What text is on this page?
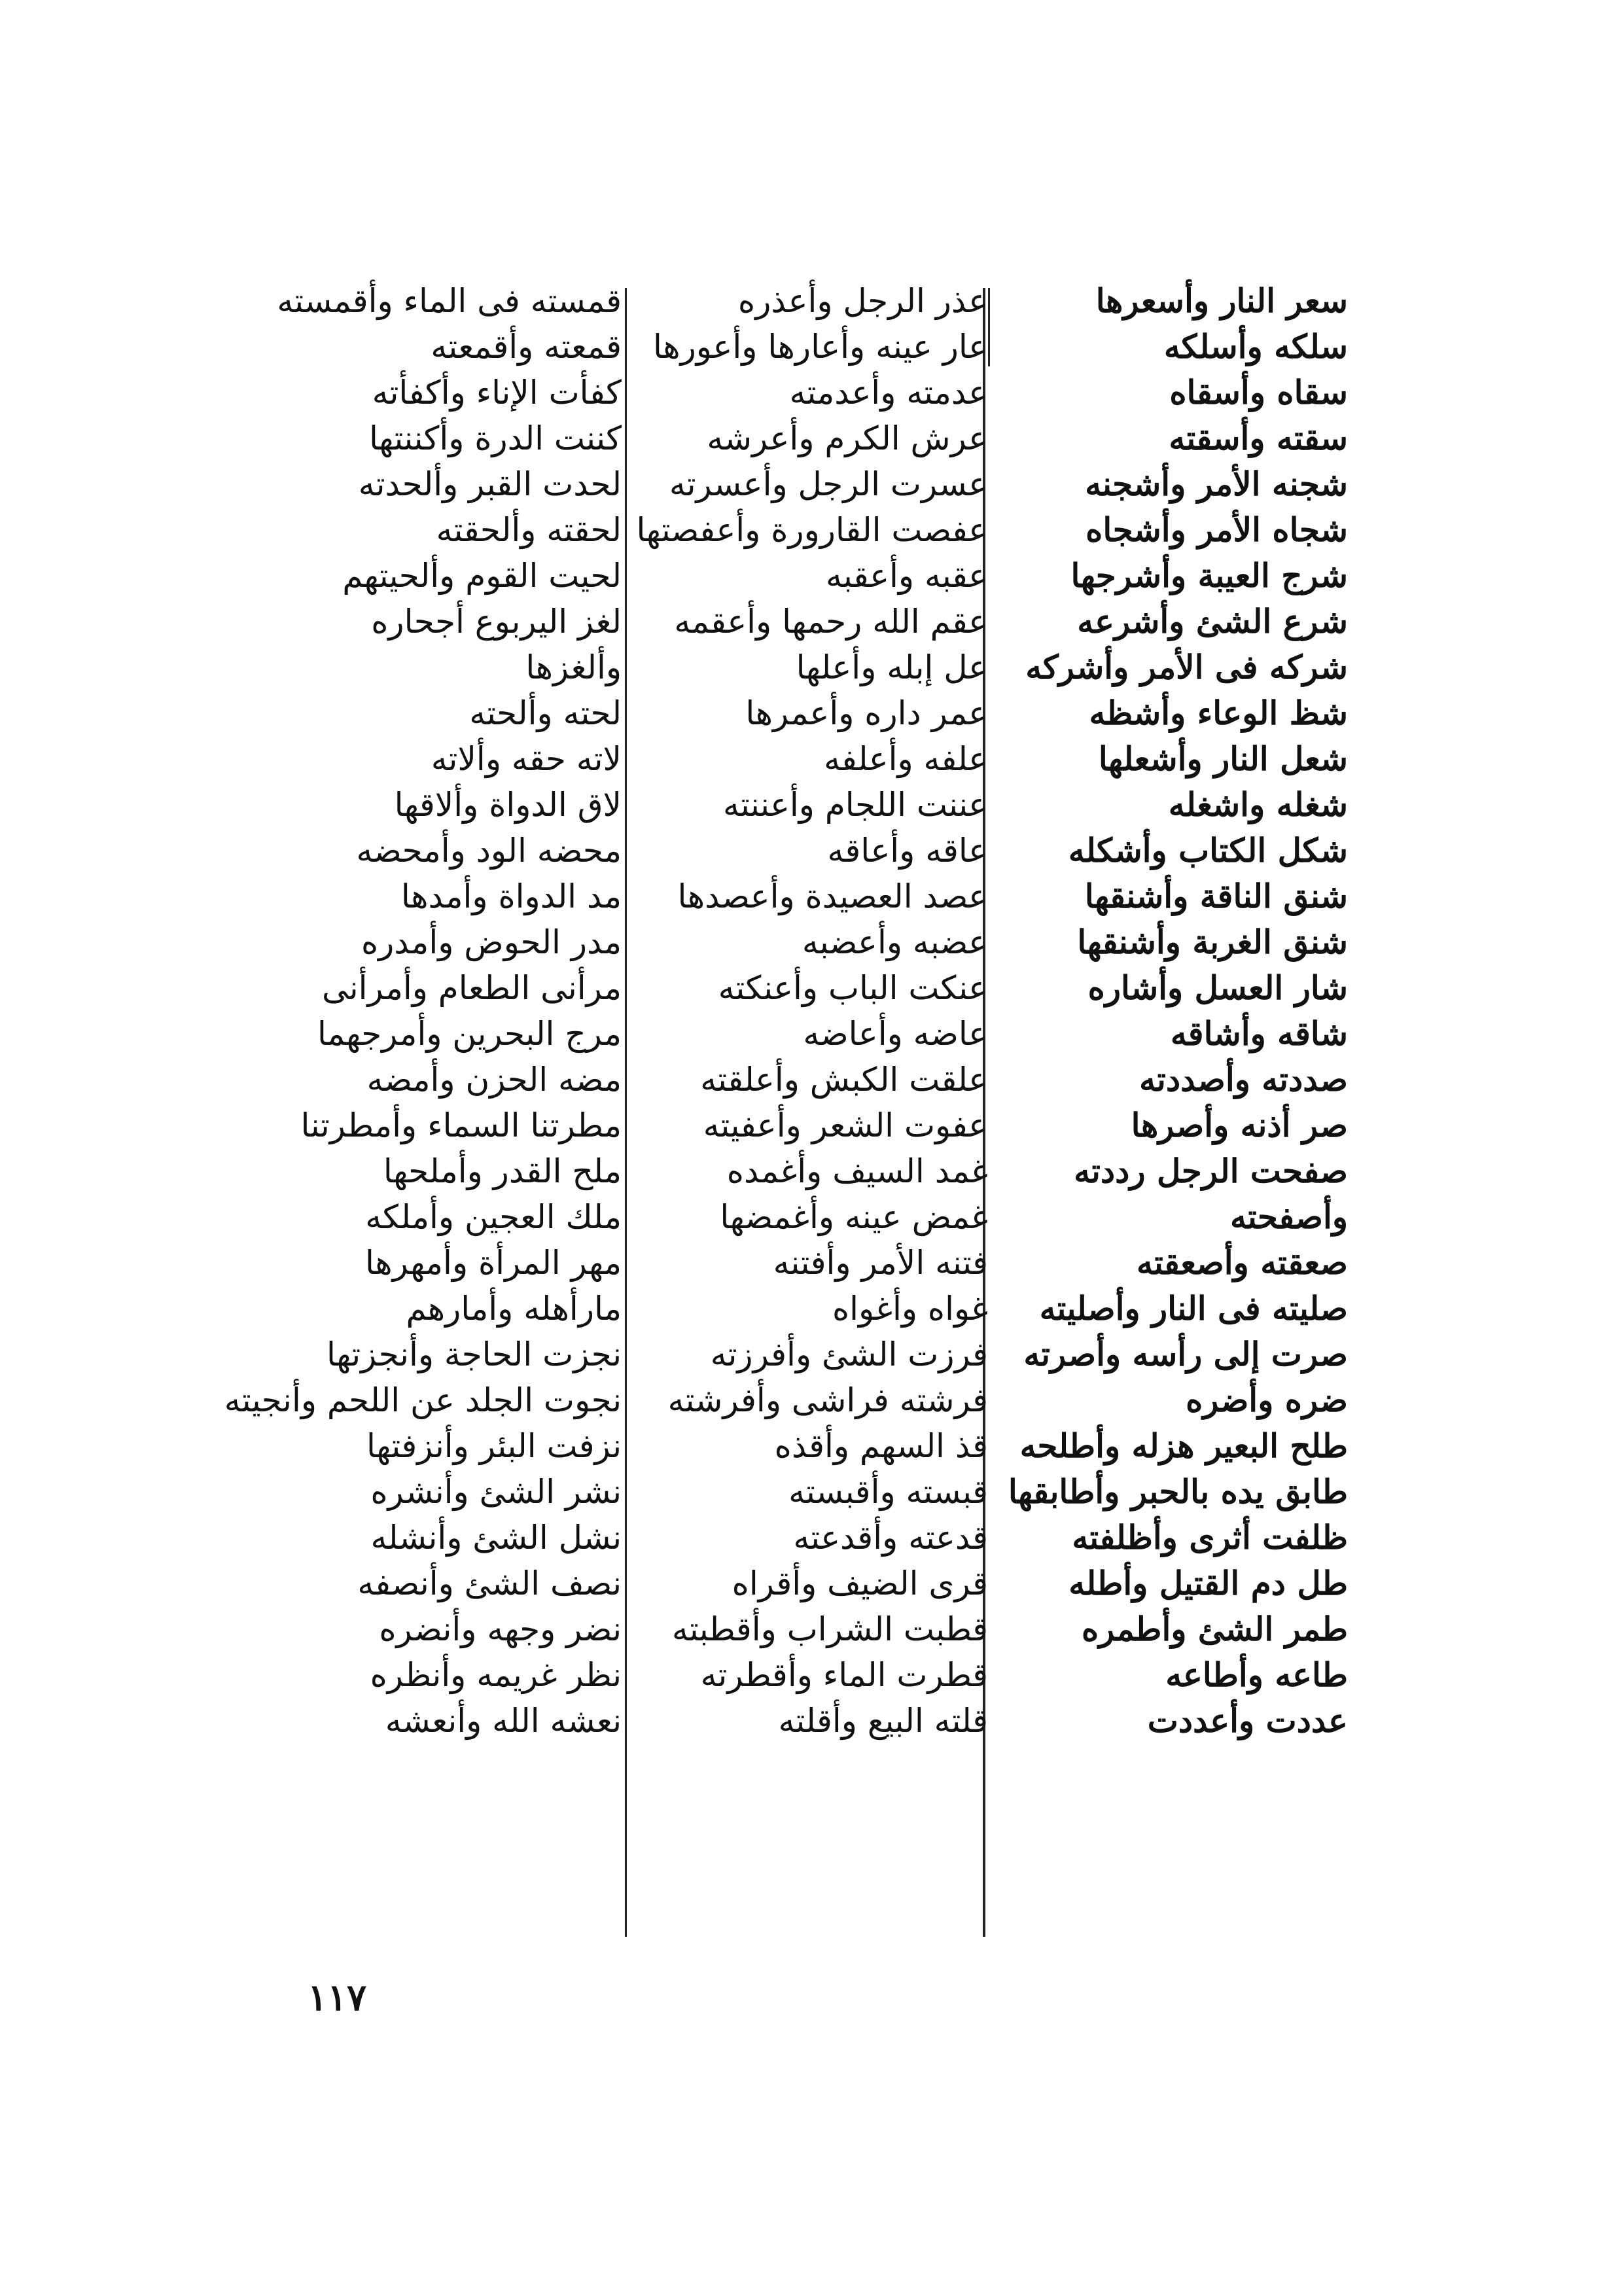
سعر النار وأسعرها
سلكه وأسلكه
سقاه وأسقاه
سقته وأسقته
شجنه الأمر وأشجنه
شجاه الأمر وأشجاه
شرج العيبة وأشرجها
شرع الشئ وأشرعه
شركه فى الأمر وأشركه
شظ الوعاء وأشظه
شعل النار وأشعلها
شغله واشغله
شكل الكتاب وأشكله
شنق الناقة وأشنقها
شنق الغربة وأشنقها
شار العسل وأشاره
شاقه وأشاقه
صددته وأصددته
صر أذنه وأصرها
صفحت الرجل رددته
وأصفحته
صعقته وأصعقته
صليته فى النار وأصليته
صرت إلى رأسه وأصرته
ضره وأضره
طلح البعير هزله وأطلحه
طابق يده بالحبر وأطابقها
ظلفت أثرى وأظلفته
طل دم القتيل وأطله
طمر الشئ وأطمره
طاعه وأطاعه
عددت وأعددت
عذر الرجل وأعذره
عار عينه وأعارها وأعورها
عدمته وأعدمته
عرش الكرم وأعرشه
عسرت الرجل وأعسرته
عفصت القارورة وأعفصتها
عقبه وأعقبه
عقم الله رحمها وأعقمه
عل إبله وأعلها
عمر داره وأعمرها
علفه وأعلفه
عننت اللجام وأعننته
عاقه وأعاقه
عصد العصيدة وأعصدها
عضبه وأعضبه
عنكت الباب وأعنكته
عاضه وأعاضه
علقت الكبش وأعلقته
عفوت الشعر وأعفيته
غمد السيف وأغمده
غمض عينه وأغمضها
فتنه الأمر وأفتنه
غواه وأغواه
فرزت الشئ وأفرزته
فرشته فراشى وأفرشته
قذ السهم وأقذه
قبسته وأقبسته
قدعته وأقدعته
قرى الضيف وأقراه
قطبت الشراب وأقطبته
قطرت الماء وأقطرته
قلته البيع وأقلته
قمسته فى الماء وأقمسته
قمعته وأقمعته
كفأت الإناء وأكفأته
كننت الدرة وأكننتها
لحدت القبر وألحدته
لحقته وألحقته
لحيت القوم وألحيتهم
لغز اليربوع أجحاره
وألغزها
لحته وألحته
لاته حقه وألاته
لاق الدواة وألاقها
محضه الود وأمحضه
مد الدواة وأمدها
مدر الحوض وأمدره
مرأنى الطعام وأمرأنى
مرج البحرين وأمرجهما
مضه الحزن وأمضه
مطرتنا السماء وأمطرتنا
ملح القدر وأملحها
ملك العجين وأملكه
مهر المرأة وأمهرها
مارأهله وأمارهم
نجزت الحاجة وأنجزتها
نجوت الجلد عن اللحم وأنجيته
نزفت البئر وأنزفتها
نشر الشئ وأنشره
نشل الشئ وأنشله
نصف الشئ وأنصفه
نضر وجهه وأنضره
نظر غريمه وأنظره
نعشه الله وأنعشه
١١٧
